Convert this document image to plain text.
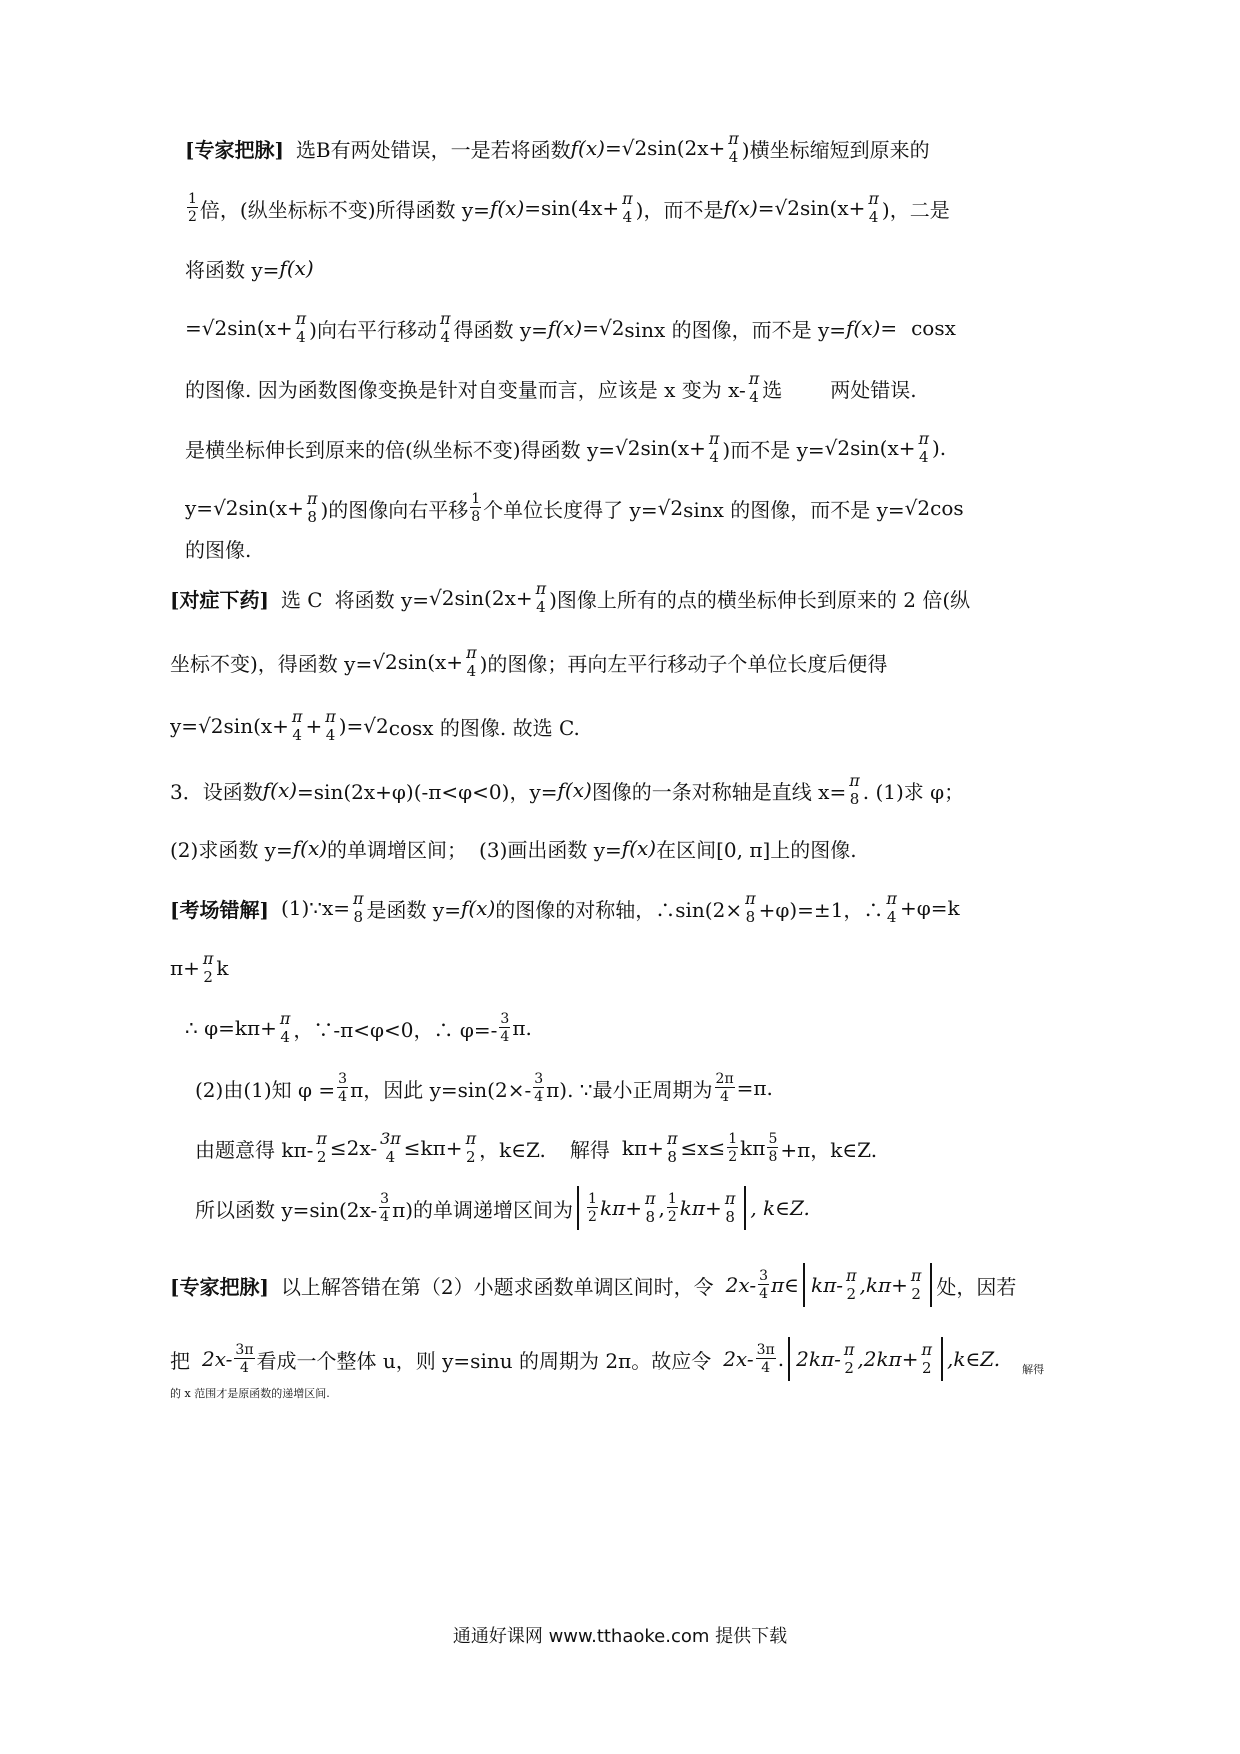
[专家把脉] 选B有两处错误，一是若将函数 f(x) = √2 sin(2x+ π
4 )横坐标缩短到原来的
1
2 倍，(纵坐标标不变)所得函数 y= f(x) =sin(4x+ π
4 )，而不是 f(x) = √2 sin(x+ π
4 )，二是
将函数 y= f(x)
= √2 sin(x+ π
4 )向右平行移动 π
4 得函数 y= f(x) = √2 sinx 的图像，而不是 y= f(x) = cosx
的图像. 因为函数图像变换是针对自变量而言，应该是 x 变为 x- π
4 选 两处错误.
是横坐标伸长到原来的倍(纵坐标不变)得函数 y= √2 sin(x+ π
4 )而不是 y= √2 sin(x+ π
4 ).
y= √2 sin(x+ π
8 )的图像向右平移 1
8 个单位长度得了 y= √2 sinx 的图像，而不是 y= √2 cos
的图像.
[对症下药] 选 C 将函数 y= √2 sin(2x+ π
4 )图像上所有的点的横坐标伸长到原来的 2 倍(纵
坐标不变)，得函数 y= √2 sin(x+ π
4 )的图像；再向左平行移动子个单位长度后便得
y= √2 sin(x+ π
4 + π
4 )= √2 cosx 的图像. 故选 C.
3．设函数 f(x) =sin(2x+φ)(-π<φ<0)，y= f(x) 图像的一条对称轴是直线 x= π
8 . (1)求 φ；
(2)求函数 y= f(x) 的单调增区间； (3)画出函数 y= f(x) 在区间[0, π]上的图像.
[考场错解] (1)∵x= π
8 是函数 y= f(x) 的图像的对称轴，∴sin(2× π
8 +φ)=±1，∴ π
4 +φ=k
π+ π
2 k
∴ φ=kπ+ π
4 ，∵-π<φ<0，∴ φ=- 3
4 π.
(2)由(1)知 $\varphi = \frac{3}{4}$ π，因此 y=sin(2×- 3
4 π). ∵最小正周期为 $\frac{2\pi}{4} =\pi$.
由题意得 kπ- π
2 ≤2x- 3π
4 ≤kπ+ π
2 ，k∈Z. 解得 kπ+ π
$8 \le x\le \frac{1}{2}$ kπ 5
8 +π，k∈Z.
所以函数 y=sin(2x- 3
4 π)的单调递增区间为 1
2 kπ+ π
8 , 1
2 kπ+ π
8 , k∈Z.
[专家把脉] 以上解答错在第（2）小题求函数单调区间时，令 2x- 3
4 π∈ kπ- π
2 ,kπ+ π
2 处，因若
把 2x- 3π
4 看成一个整体 u，则 y=sinu 的周期为 2π。故应令 2x- 3π
4 . 2kπ- π
2 ,2kπ+ π
2 ,k∈Z. 解得
的 x 范围才是原函数的递增区间.
通通好课网 www.tthaoke.com 提供下载
